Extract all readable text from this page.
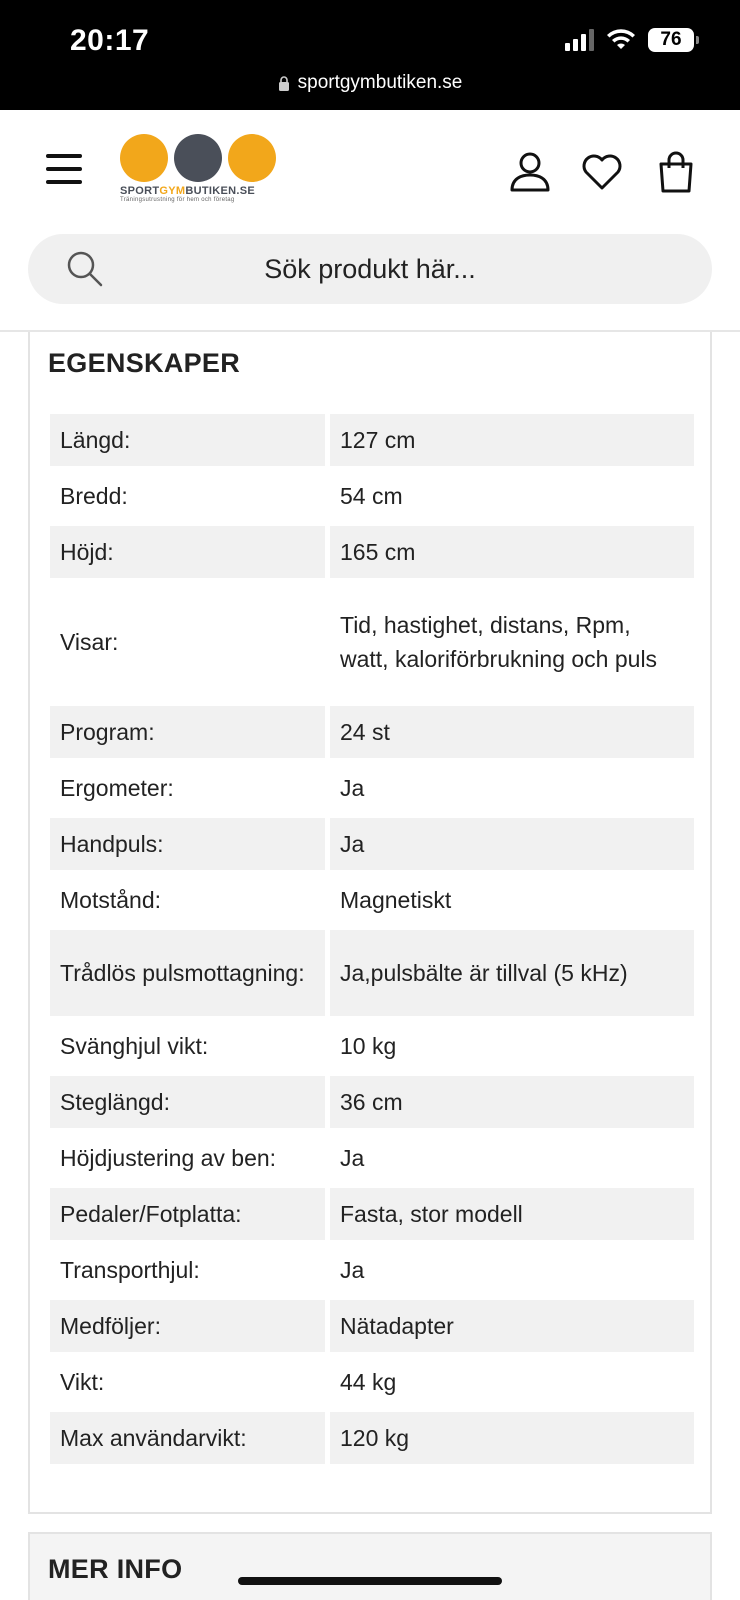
20:17	76
sportgymbutiken.se
SPORTGYMBUTIKEN.SE
Träningsutrustning för hem och företag
Sök produkt här...
EGENSKAPER
Längd:	127 cm
Bredd:	54 cm
Höjd:	165 cm
Visar:	Tid, hastighet, distans, Rpm, watt, kaloriförbrukning och puls
Program:	24 st
Ergometer:	Ja
Handpuls:	Ja
Motstånd:	Magnetiskt
Trådlös pulsmottagning:	Ja,pulsbälte är tillval (5 kHz)
Svänghjul vikt:	10 kg
Steglängd:	36 cm
Höjdjustering av ben:	Ja
Pedaler/Fotplatta:	Fasta, stor modell
Transporthjul:	Ja
Medföljer:	Nätadapter
Vikt:	44 kg
Max användarvikt:	120 kg
MER INFO
